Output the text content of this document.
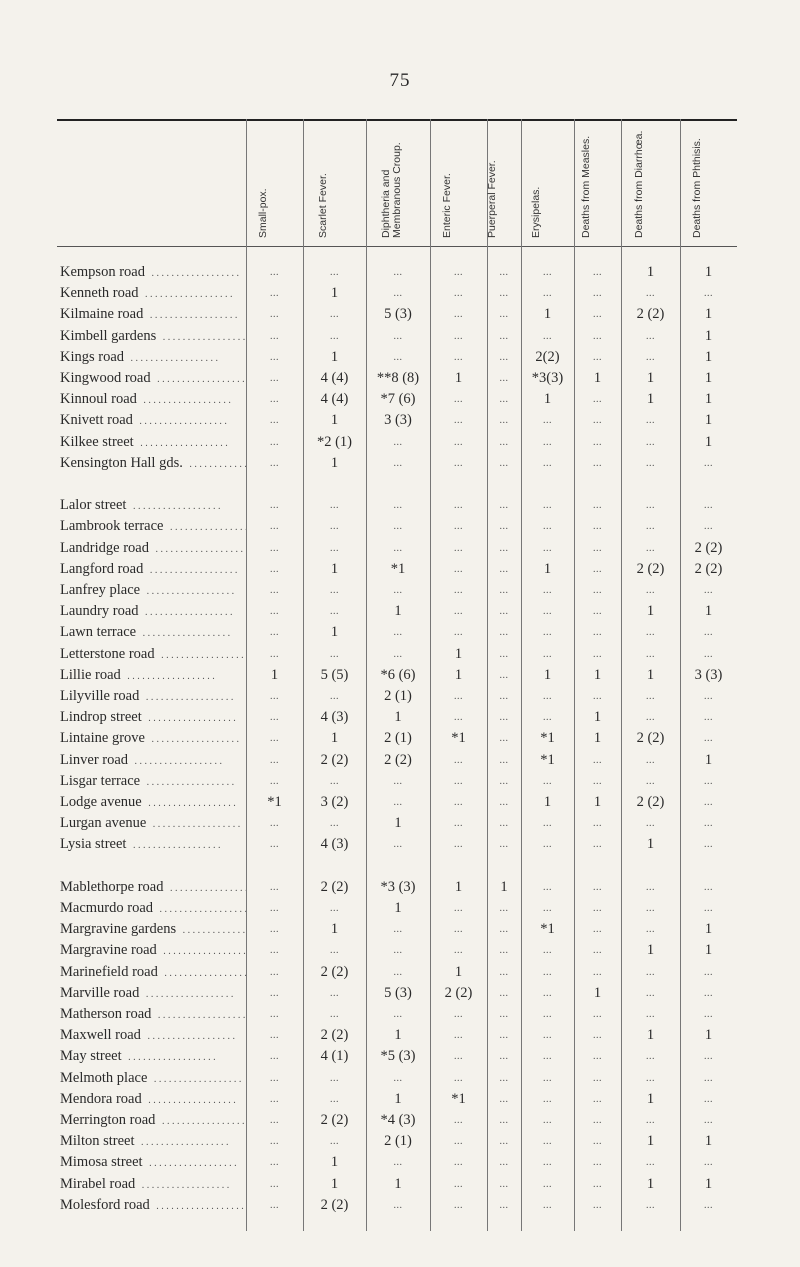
75
Small-pox.	Scarlet Fever.	Diphtheria and Membranous Croup.	Enteric Fever.	Puerperal Fever.	Erysipelas.	Deaths from Measles.	Deaths from Diarrhœa.	Deaths from Phthisis.
Kempson road . . .	...	...	...	...	...	...	...	1	1
Kenneth road . . .	...	1	...	...	...	...	...	...	...
Kilmaine road . . .	...	...	5 (3)	...	...	1	...	2 (2)	1
Kimbell gardens . . .	...	...	...	...	...	...	...	...	1
Kings road . . .	...	1	...	...	...	2(2)	...	...	1
Kingwood road . . .	...	4 (4)	**8 (8)	1	...	*3(3)	1	1	1
Kinnoul road . . .	...	4 (4)	*7 (6)	...	...	1	...	1	1
Knivett road . . .	...	1	3 (3)	...	...	...	...	...	1
Kilkee street . . .	...	*2 (1)	...	...	...	...	...	...	1
Kensington Hall gds. . . .	...	1	...	...	...	...	...	...	...
Lalor street . . .	...	...	...	...	...	...	...	...	...
Lambrook terrace . . .	...	...	...	...	...	...	...	...	...
Landridge road . . .	...	...	...	...	...	...	...	...	2 (2)
Langford road . . .	...	1	*1	...	...	1	...	2 (2)	2 (2)
Lanfrey place . . .	...	...	...	...	...	...	...	...	...
Laundry road . . .	...	...	1	...	...	...	...	1	1
Lawn terrace . . .	...	1	...	...	...	...	...	...	...
Letterstone road . . .	...	...	...	1	...	...	...	...	...
Lillie road . . .	1	5 (5)	*6 (6)	1	...	1	1	1	3 (3)
Lilyville road . . .	...	...	2 (1)	...	...	...	...	...	...
Lindrop street . . .	...	4 (3)	1	...	...	...	1	...	...
Lintaine grove . . .	...	1	2 (1)	*1	...	*1	1	2 (2)	...
Linver road . . .	...	2 (2)	2 (2)	...	...	*1	...	...	1
Lisgar terrace . . .	...	...	...	...	...	...	...	...	...
Lodge avenue . . .	*1	3 (2)	...	...	...	1	1	2 (2)	...
Lurgan avenue . . .	...	...	1	...	...	...	...	...	...
Lysia street . . .	...	4 (3)	...	...	...	...	...	1	...
Mablethorpe road . . .	...	2 (2)	*3 (3)	1	1	...	...	...	...
Macmurdo road . . .	...	...	1	...	...	...	...	...	...
Margravine gardens . . .	...	1	...	...	...	*1	...	...	1
Margravine road . . .	...	...	...	...	...	...	...	1	1
Marinefield road . . .	...	2 (2)	...	1	...	...	...	...	...
Marville road . . .	...	...	5 (3)	2 (2)	...	...	1	...	...
Matherson road . . .	...	...	...	...	...	...	...	...	...
Maxwell road . . .	...	2 (2)	1	...	...	...	...	1	1
May street . . .	...	4 (1)	*5 (3)	...	...	...	...	...	...
Melmoth place . . .	...	...	...	...	...	...	...	...	...
Mendora road . . .	...	...	1	*1	...	...	...	1	...
Merrington road . . .	...	2 (2)	*4 (3)	...	...	...	...	...	...
Milton street . . .	...	...	2 (1)	...	...	...	...	1	1
Mimosa street . . .	...	1	...	...	...	...	...	...	...
Mirabel road . . .	...	1	1	...	...	...	...	1	1
Molesford road . . .	...	2 (2)	...	...	...	...	...	...	...
